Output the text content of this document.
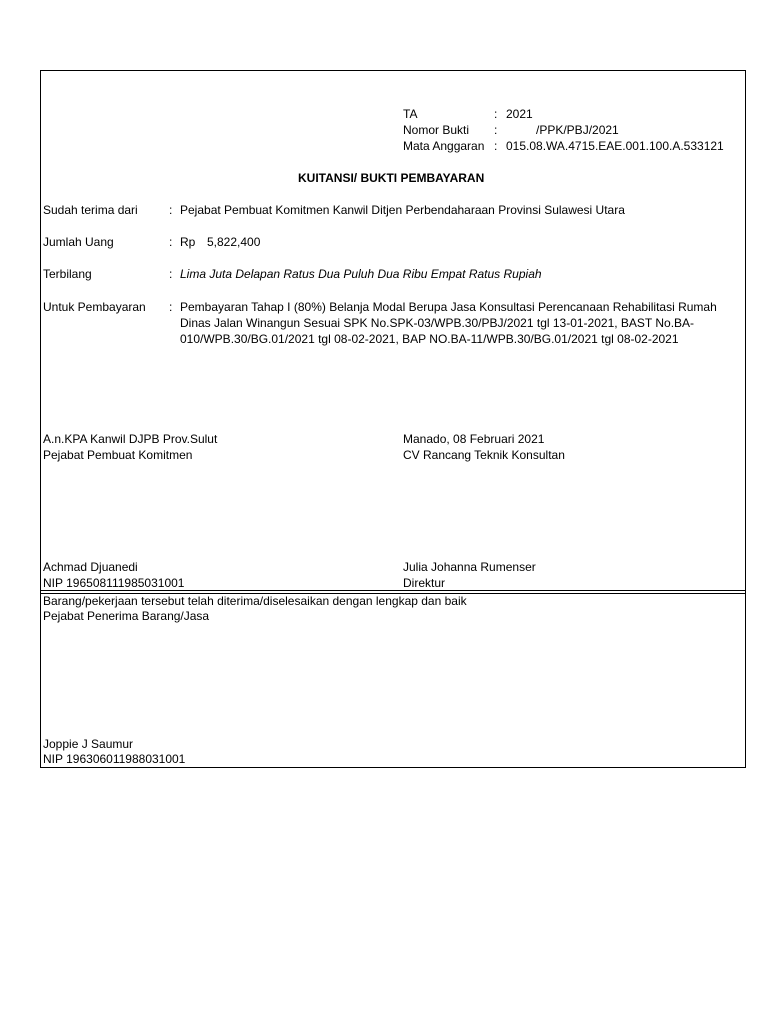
TA	: 2021
Nomor Bukti :	/PPK/PBJ/2021
Mata Anggaran : 015.08.WA.4715.EAE.001.100.A.533121
KUITANSI/ BUKTI PEMBAYARAN
Sudah terima dari	: Pejabat Pembuat Komitmen Kanwil Ditjen Perbendaharaan Provinsi Sulawesi Utara
Jumlah Uang	: Rp 5,822,400
Terbilang	: Lima Juta Delapan Ratus Dua Puluh Dua Ribu Empat Ratus Rupiah
Untuk Pembayaran : Pembayaran Tahap I (80%) Belanja Modal Berupa Jasa Konsultasi Perencanaan Rehabilitasi Rumah
Dinas Jalan Winangun Sesuai SPK No.SPK-03/WPB.30/PBJ/2021 tgl 13-01-2021, BAST No.BA-
010/WPB.30/BG.01/2021 tgl 08-02-2021, BAP NO.BA-11/WPB.30/BG.01/2021 tgl 08-02-2021
A.n.KPA Kanwil DJPB Prov.Sulut
Pejabat Pembuat Komitmen
Manado, 08 Februari 2021
CV Rancang Teknik Konsultan
Achmad Djuanedi
NIP 196508111985031001
Julia Johanna Rumenser
Direktur
Barang/pekerjaan tersebut telah diterima/diselesaikan dengan lengkap dan baik
Pejabat Penerima Barang/Jasa
Joppie J Saumur
NIP 196306011988031001
